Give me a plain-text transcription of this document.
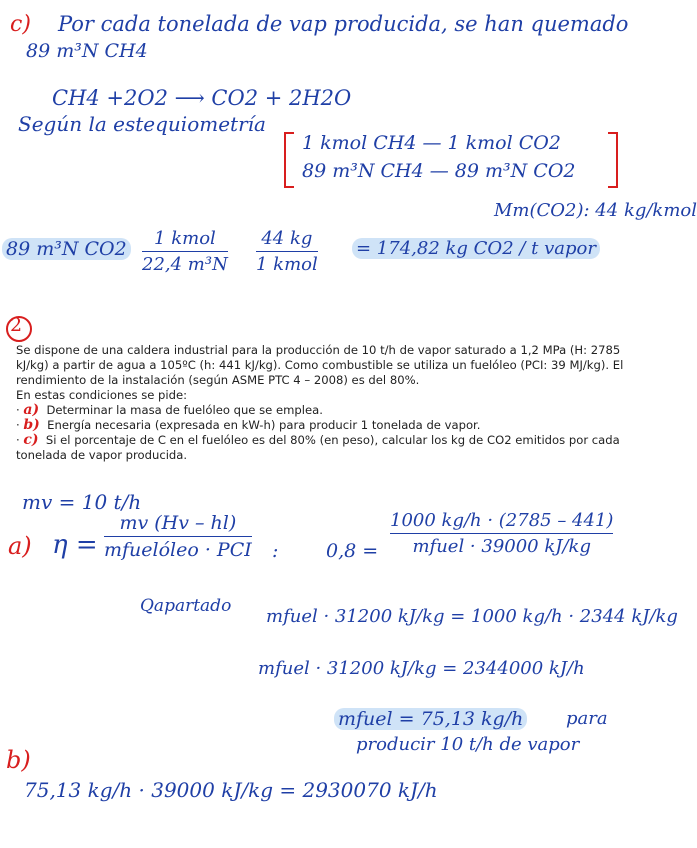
c) Por cada tonelada de vap producida, se han quemado
89 m³N CH4
CH4 +2O2 ⟶ CO2 + 2H2O
Según la estequiometría
1 kmol CH4 — 1 kmol CO2
89 m³N CH4 — 89 m³N CO2
Mm(CO2): 44 kg/kmol
89 m³N CO2 1 kmol
22,4 m³N
44 kg
1 kmol
= 174,82 kg CO2 / t vapor
2

Se dispone de una caldera industrial para la producción de 10 t/h de vapor saturado a 1,2 MPa (H: 2785 kJ/kg) a partir de agua a 105ºC (h: 441 kJ/kg). Como combustible se utiliza un fuelóleo (PCI: 39 MJ/kg). El rendimiento de la instalación (según ASME PTC 4 – 2008) es del 80%.

En estas condiciones se pide:

· a) Determinar la masa de fuelóleo que se emplea.

· b) Energía necesaria (expresada en kW-h) para producir 1 tonelada de vapor.

· c) Si el porcentaje de C en el fuelóleo es del 80% (en peso), calcular los kg de CO2 emitidos por cada tonelada de vapor producida.

mv = 10 t/h
a) η =
mv (Hv – hl)
mfuelóleo · PCI :	0,8 =
1000 kg/h · (2785 – 441)
mfuel · 39000 kJ/kg
Qapartado mfuel · 31200 kJ/kg = 1000 kg/h · 2344 kJ/kg
mfuel · 31200 kJ/kg = 2344000 kJ/h
mfuel = 75,13 kg/h para
producir 10 t/h de vapor
b)
75,13 kg/h · 39000 kJ/kg = 2930070 kJ/h
